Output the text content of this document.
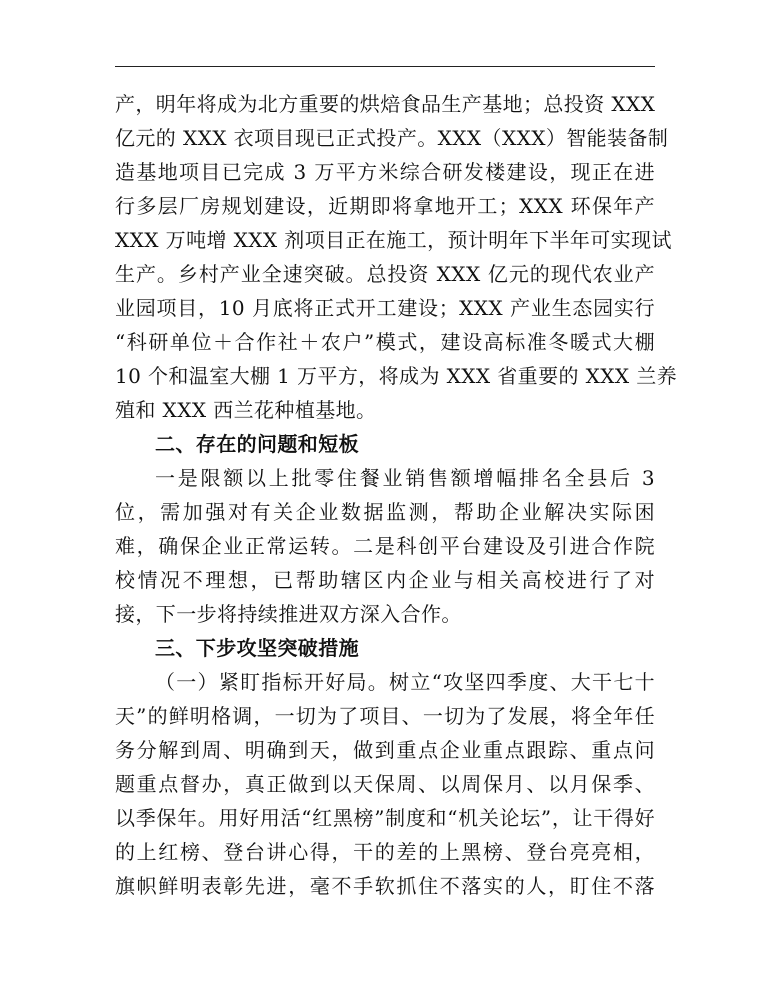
产，明年将成为北方重要的烘焙食品生产基地；总投资 XXX
亿元的 XXX 衣项目现已正式投产。XXX（XXX）智能装备制
造基地项目已完成 3 万平方米综合研发楼建设，现正在进
行多层厂房规划建设，近期即将拿地开工；XXX 环保年产
XXX 万吨增 XXX 剂项目正在施工，预计明年下半年可实现试
生产。乡村产业全速突破。总投资 XXX 亿元的现代农业产
业园项目，10 月底将正式开工建设；XXX 产业生态园实行
“科研单位＋合作社＋农户”模式，建设高标准冬暖式大棚
10 个和温室大棚 1 万平方，将成为 XXX 省重要的 XXX 兰养
殖和 XXX 西兰花种植基地。
二、存在的问题和短板
一是限额以上批零住餐业销售额增幅排名全县后 3
位，需加强对有关企业数据监测，帮助企业解决实际困
难，确保企业正常运转。二是科创平台建设及引进合作院
校情况不理想，已帮助辖区内企业与相关高校进行了对
接，下一步将持续推进双方深入合作。
三、下步攻坚突破措施
（一）紧盯指标开好局。树立“攻坚四季度、大干七十
天”的鲜明格调，一切为了项目、一切为了发展，将全年任
务分解到周、明确到天，做到重点企业重点跟踪、重点问
题重点督办，真正做到以天保周、以周保月、以月保季、
以季保年。用好用活“红黑榜”制度和“机关论坛”，让干得好
的上红榜、登台讲心得，干的差的上黑榜、登台亮亮相，
旗帜鲜明表彰先进，毫不手软抓住不落实的人，盯住不落
